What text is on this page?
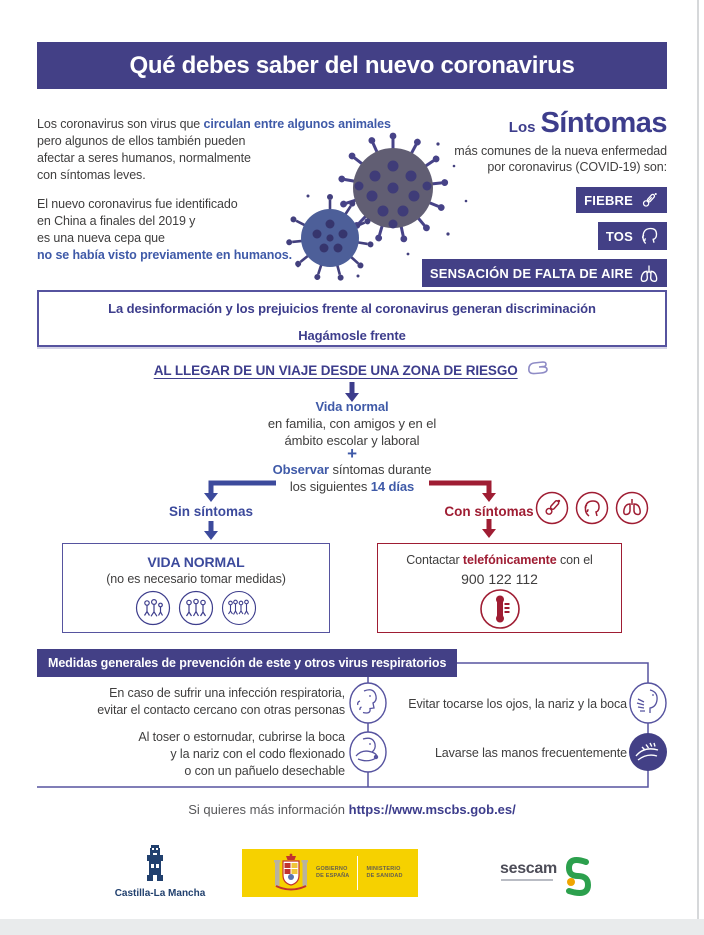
Qué debes saber del nuevo coronavirus
Los coronavirus son virus que circulan entre algunos animales
pero algunos de ellos también pueden
afectar a seres humanos, normalmente
con síntomas leves.
El nuevo coronavirus fue identificado
en China a finales del 2019 y
es una nueva cepa que
no se había visto previamente en humanos.
Los Síntomas
más comunes de la nueva enfermedad
por coronavirus (COVID-19) son:
FIEBRE
TOS
SENSACIÓN DE FALTA DE AIRE
La desinformación y los prejuicios frente al coronavirus generan discriminación
Hagámosle frente
AL LLEGAR DE UN VIAJE DESDE UNA ZONA DE RIESGO
Vida normal
en familia, con amigos y en el
ámbito escolar y laboral
+
Observar síntomas durante
los siguientes 14 días
Sin síntomas	Con síntomas
VIDA NORMAL
(no es necesario tomar medidas)
Contactar telefónicamente con el
900 122 112
Medidas generales de prevención de este y otros virus respiratorios
En caso de sufrir una infección respiratoria,
evitar el contacto cercano con otras personas
Al toser o estornudar, cubrirse la boca
y la nariz con el codo flexionado
o con un pañuelo desechable
Evitar tocarse los ojos, la nariz y la boca
Lavarse las manos frecuentemente
Si quieres más información https://www.mscbs.gob.es/
Castilla-La Mancha
GOBIERNO
DE ESPAÑA
MINISTERIO
DE SANIDAD	sescam
